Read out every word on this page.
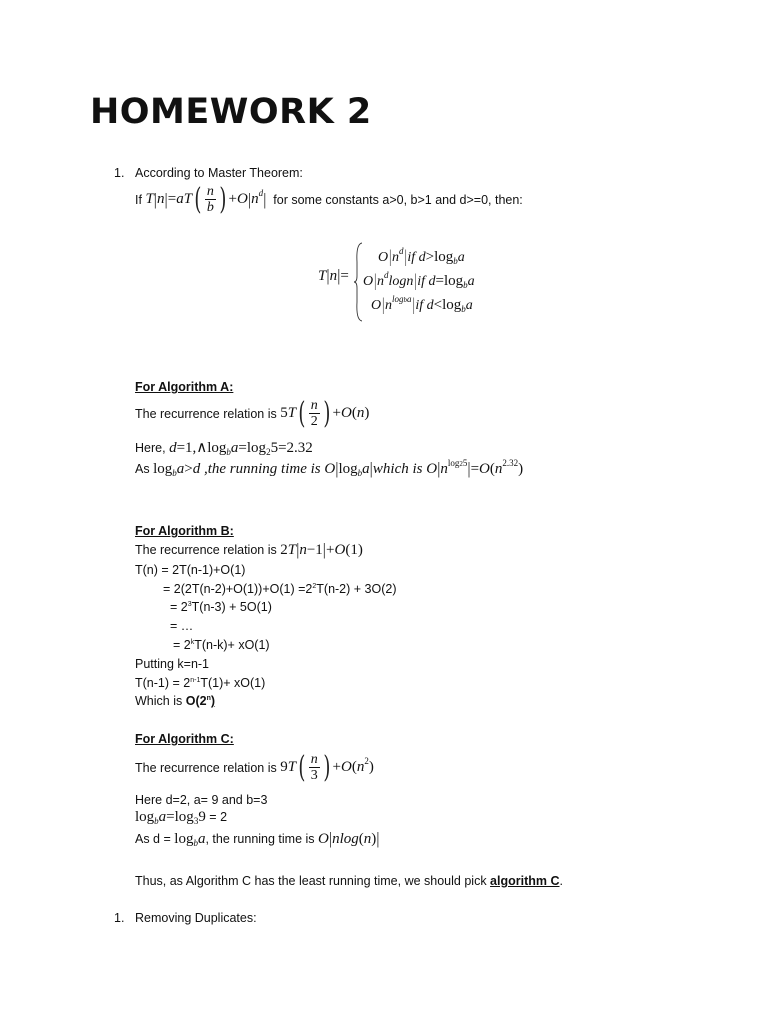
HOMEWORK 2
1. According to Master Theorem:
If
T | n | = aT ( $\frac{n}{b}$ ) + O | $n^d$ |
for some constants a>0, b>1 and d>=0, then:
T|n|=
$O|n^d|if$ $d>\log_ba$
$O|n^d\log n|if$ $d=\log_ba$
$O|n^{logba}|if$ $d<\log_ba$
For Algorithm A:
The recurrence relation is
5 T ( $\frac{n}{2}$ ) + O ( n )
Here, $d=1,\wedge\log_ba=\log_25=2.32$
As $\log_ba>d$ ,the running time is $O|\log_ba|which$ is $O|n^{log25}|=O(n^{2.32})$
For Algorithm B:
The recurrence relation is 2T|n−1|+O(1)
T(n) = 2T(n-1)+O(1)
= $2(2T(n-2)+O(1))+O(1) =2^2T(n-2) + 3O(2)$
= $2^3T(n-3) + 5O(1)$
= …
= $2^kT(n-k)+ xO(1)$
Putting k=n-1
$T(n-1) = 2^{n-1}T(1)+ xO(1)$
Which is O(2$^n$)
For Algorithm C:
The recurrence relation is
9 T ( $\frac{n}{3}$ ) + O ( n 2 )
Here d=2, a= 9 and b=3
$\log_ba=\log_39 = 2$
As $d = \log_ba$, the running time is O|nlog(n)|
Thus, as Algorithm C has the least running time, we should pick algorithm C.
1. Removing Duplicates:
